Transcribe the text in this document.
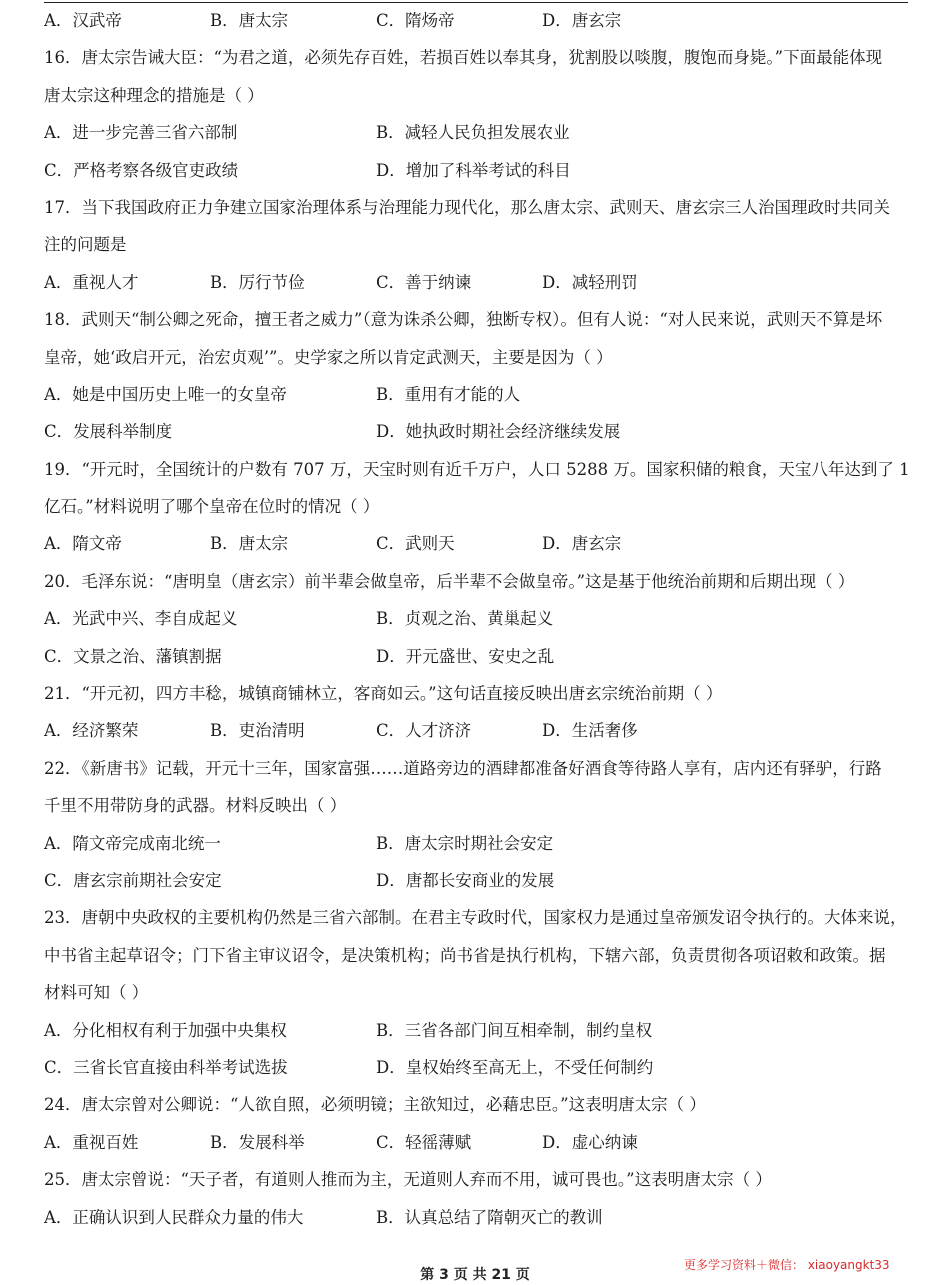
A．汉武帝	B．唐太宗	C．隋炀帝	D．唐玄宗
16．唐太宗告诫大臣：“为君之道，必须先存百姓，若损百姓以奉其身，犹割股以啖腹，腹饱而身毙。”下面最能体现
唐太宗这种理念的措施是（ ）
A．进一步完善三省六部制	B．减轻人民负担发展农业
C．严格考察各级官吏政绩	D．增加了科举考试的科目
17．当下我国政府正力争建立国家治理体系与治理能力现代化，那么唐太宗、武则天、唐玄宗三人治国理政时共同关
注的问题是
A．重视人才	B．厉行节俭	C．善于纳谏	D．减轻刑罚
18．武则天“制公卿之死命，擅王者之威力”（意为诛杀公卿，独断专权）。但有人说：“对人民来说，武则天不算是坏
皇帝，她‘政启开元，治宏贞观’”。史学家之所以肯定武测天，主要是因为（ ）
A．她是中国历史上唯一的女皇帝	B．重用有才能的人
C．发展科举制度	D．她执政时期社会经济继续发展
19．“开元时，全国统计的户数有 707 万，天宝时则有近千万户，人口 5288 万。国家积储的粮食，天宝八年达到了 1
亿石。”材料说明了哪个皇帝在位时的情况（ ）
A．隋文帝	B．唐太宗	C．武则天	D．唐玄宗
20．毛泽东说：“唐明皇（唐玄宗）前半辈会做皇帝，后半辈不会做皇帝。”这是基于他统治前期和后期出现（ ）
A．光武中兴、李自成起义	B．贞观之治、黄巢起义
C．文景之治、藩镇割据	D．开元盛世、安史之乱
21．“开元初，四方丰稔，城镇商铺林立，客商如云。”这句话直接反映出唐玄宗统治前期（ ）
A．经济繁荣	B．吏治清明	C．人才济济	D．生活奢侈
22．《新唐书》记载，开元十三年，国家富强……道路旁边的酒肆都准备好酒食等待路人享有，店内还有驿驴，行路
千里不用带防身的武器。材料反映出（ ）
A．隋文帝完成南北统一	B．唐太宗时期社会安定
C．唐玄宗前期社会安定	D．唐都长安商业的发展
23．唐朝中央政权的主要机构仍然是三省六部制。在君主专政时代，国家权力是通过皇帝颁发诏令执行的。大体来说，
中书省主起草诏令；门下省主审议诏令，是决策机构；尚书省是执行机构，下辖六部，负责贯彻各项诏敕和政策。据
材料可知（ ）
A．分化相权有利于加强中央集权	B．三省各部门间互相牵制，制约皇权
C．三省长官直接由科举考试选拔	D．皇权始终至高无上，不受任何制约
24．唐太宗曾对公卿说：“人欲自照，必须明镜；主欲知过，必藉忠臣。”这表明唐太宗（ ）
A．重视百姓	B．发展科举	C．轻徭薄赋	D．虚心纳谏
25．唐太宗曾说：“天子者，有道则人推而为主，无道则人弃而不用，诚可畏也。”这表明唐太宗（ ）
A．正确认识到人民群众力量的伟大	B．认真总结了隋朝灭亡的教训
更多学习资料＋微信： xiaoyangkt33
第 3 页 共 21 页
